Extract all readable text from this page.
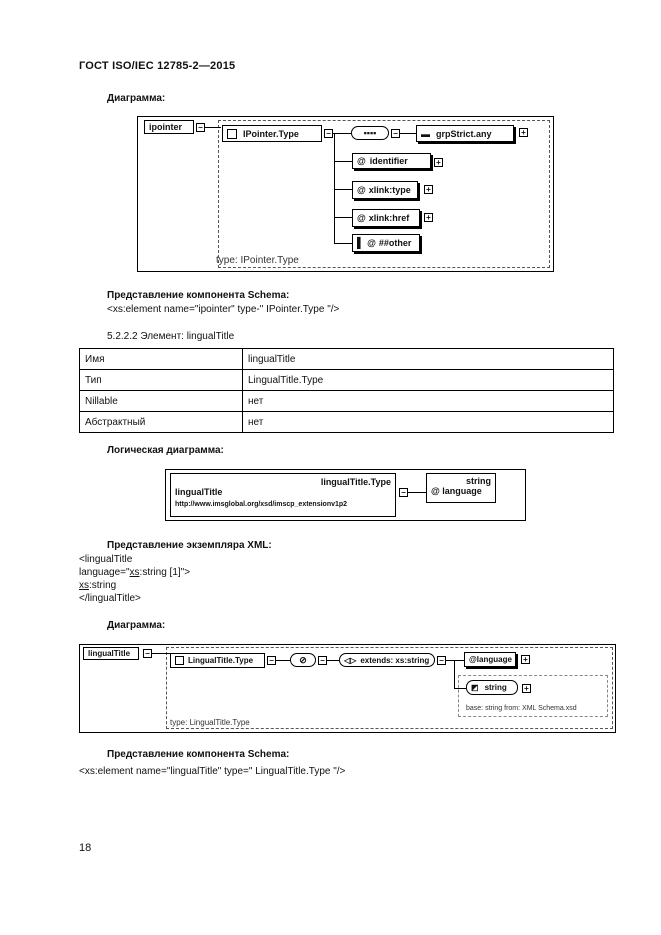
ГОСТ ISO/IEC 12785-2—2015
Диаграмма:
ipointer	−
IPointer.Type	−	▪▪▪▪ −	▬ grpStrict.any	+
@ identifier	+
@ xlink:type +
@ xlink:href +
▌ @ ##other
type: IPointer.Type
Представление компонента Schema:
<xs:element name="ipointer" type-" IPointer.Type "/>
5.2.2.2 Элемент: lingualTitle
Имя	lingualTitle
Тип	LingualTitle.Type
Nillable	нет
Абстрактный	нет
Логическая диаграмма:
lingualTitle.Type
lingualTitle
http://www.imsglobal.org/xsd/imscp_extensionv1p2
−
string
@ language
Представление экземпляра XML:
<lingualTitle
language="xs:string [1]">
xs:string
</lingualTitle>
Диаграмма:
lingualTitle	−
LingualTitle.Type −	⊘ − ◁▷ extends: xs:string −	@language	+
◩ string +
base: string from: XML Schema.xsd
type: LingualTitle.Type
Представление компонента Schema:
<xs:element name="lingualTitle" type=" LingualTitle.Type "/>
18
